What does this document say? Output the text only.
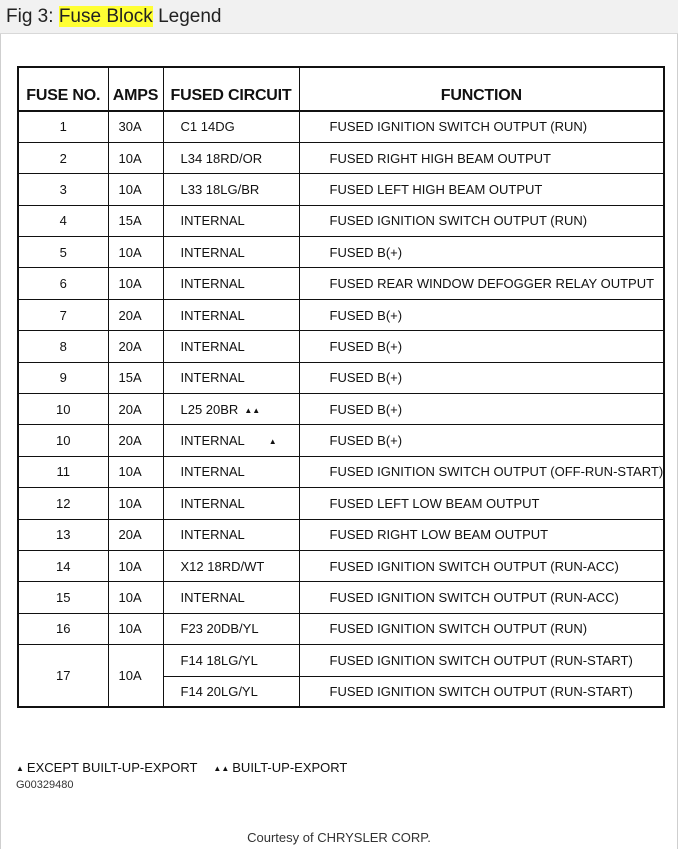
Fig 3: Fuse Block Legend
FUSE NO.	AMPS	FUSED CIRCUIT	FUNCTION
1	30A	C1 14DG	FUSED IGNITION SWITCH OUTPUT (RUN)
2	10A	L34 18RD/OR	FUSED RIGHT HIGH BEAM OUTPUT
3	10A	L33 18LG/BR	FUSED LEFT HIGH BEAM OUTPUT
4	15A	INTERNAL	FUSED IGNITION SWITCH OUTPUT (RUN)
5	10A	INTERNAL	FUSED B(+)
6	10A	INTERNAL	FUSED REAR WINDOW DEFOGGER RELAY OUTPUT
7	20A	INTERNAL	FUSED B(+)
8	20A	INTERNAL	FUSED B(+)
9	15A	INTERNAL	FUSED B(+)
10	20A	L25 20BR ▲▲	FUSED B(+)
10	20A	INTERNAL ▲	FUSED B(+)
11	10A	INTERNAL	FUSED IGNITION SWITCH OUTPUT (OFF-RUN-START)
12	10A	INTERNAL	FUSED LEFT LOW BEAM OUTPUT
13	20A	INTERNAL	FUSED RIGHT LOW BEAM OUTPUT
14	10A	X12 18RD/WT	FUSED IGNITION SWITCH OUTPUT (RUN-ACC)
15	10A	INTERNAL	FUSED IGNITION SWITCH OUTPUT (RUN-ACC)
16	10A	F23 20DB/YL	FUSED IGNITION SWITCH OUTPUT (RUN)
17	10A	F14 18LG/YL	FUSED IGNITION SWITCH OUTPUT (RUN-START)
		F14 20LG/YL	FUSED IGNITION SWITCH OUTPUT (RUN-START)
▲ EXCEPT BUILT-UP-EXPORT ▲▲ BUILT-UP-EXPORT
G00329480
Courtesy of CHRYSLER CORP.
